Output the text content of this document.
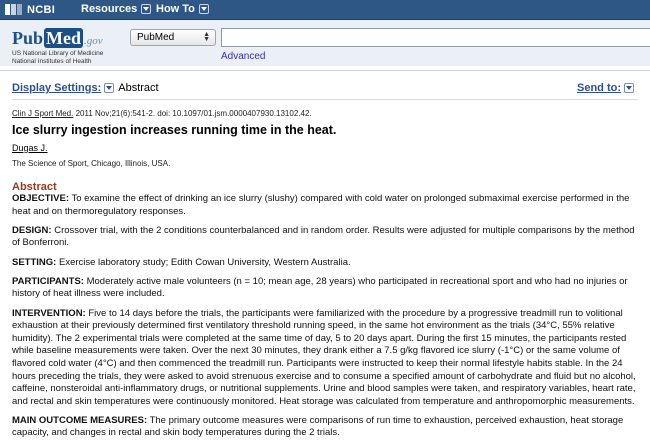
NCBI Resources How To
Pub Med .gov
US National Library of Medicine
National Institutes of Health
PubMed	▲
▼
Advanced
Display Settings: Abstract	Send to:
Clin J Sport Med. 2011 Nov;21(6):541-2. doi: 10.1097/01.jsm.0000407930.13102.42.
Ice slurry ingestion increases running time in the heat.
Dugas J.
The Science of Sport, Chicago, Illinois, USA.
Abstract

OBJECTIVE: To examine the effect of drinking an ice slurry (slushy) compared with cold water on prolonged submaximal exercise performed in the heat and on thermoregulatory responses.

DESIGN: Crossover trial, with the 2 conditions counterbalanced and in random order. Results were adjusted for multiple comparisons by the method of Bonferroni.

SETTING: Exercise laboratory study; Edith Cowan University, Western Australia.

PARTICIPANTS: Moderately active male volunteers (n = 10; mean age, 28 years) who participated in recreational sport and who had no injuries or history of heat illness were included.

INTERVENTION: Five to 14 days before the trials, the participants were familiarized with the procedure by a progressive treadmill run to volitional exhaustion at their previously determined first ventilatory threshold running speed, in the same hot environment as the trials (34°C, 55% relative humidity). The 2 experimental trials were completed at the same time of day, 5 to 20 days apart. During the first 15 minutes, the participants rested while baseline measurements were taken. Over the next 30 minutes, they drank either a 7.5 g/kg flavored ice slurry (-1°C) or the same volume of flavored cold water (4°C) and then commenced the treadmill run. Participants were instructed to keep their normal lifestyle habits stable. In the 24 hours preceding the trials, they were asked to avoid strenuous exercise and to consume a specified amount of carbohydrate and fluid but no alcohol, caffeine, nonsteroidal anti-inflammatory drugs, or nutritional supplements. Urine and blood samples were taken, and respiratory variables, heart rate, and rectal and skin temperatures were continuously monitored. Heat storage was calculated from temperature and anthropomorphic measurements.

MAIN OUTCOME MEASURES: The primary outcome measures were comparisons of run time to exhaustion, perceived exhaustion, heat storage capacity, and changes in rectal and skin body temperatures during the 2 trials.
